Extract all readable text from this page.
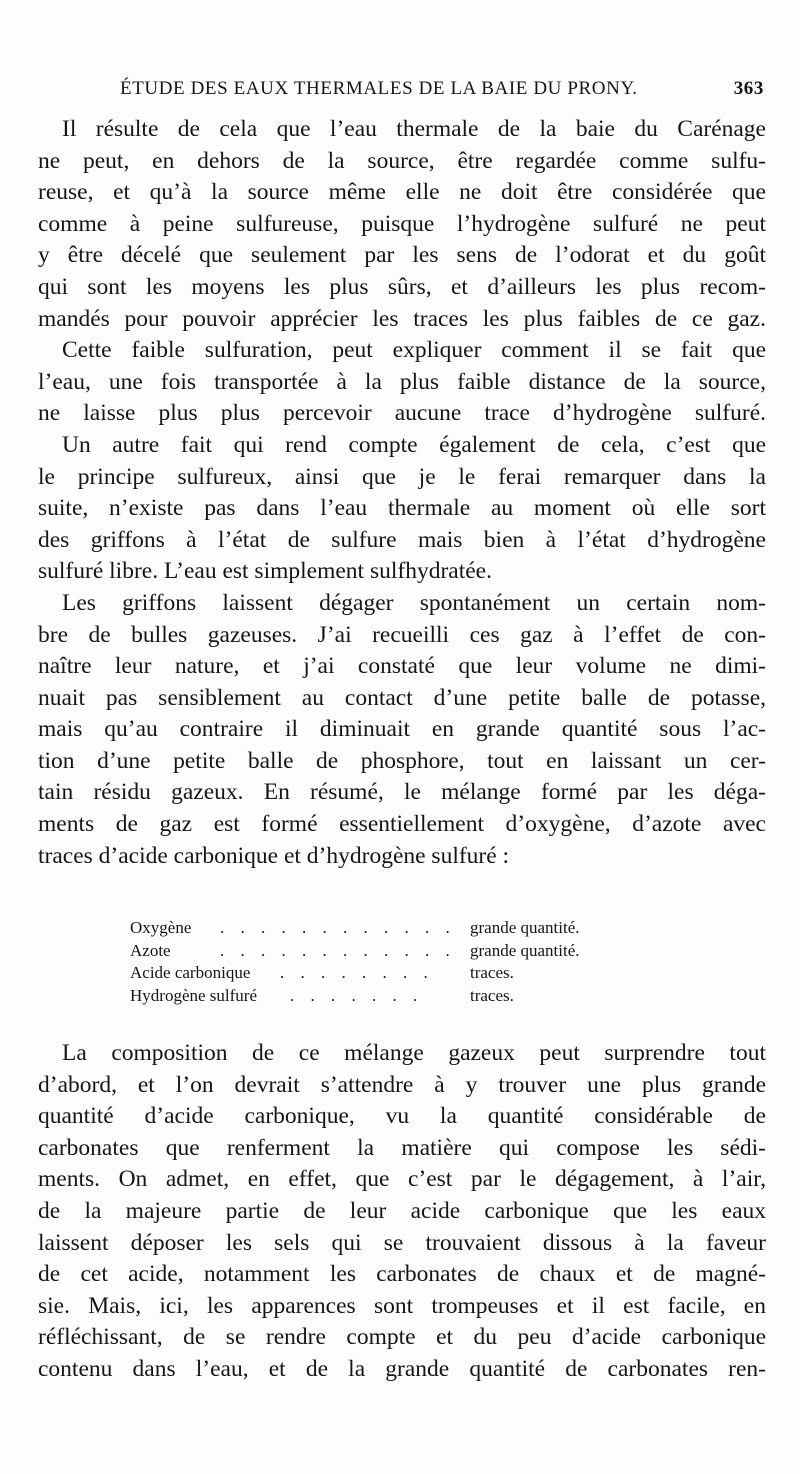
ÉTUDE DES EAUX THERMALES DE LA BAIE DU PRONY.	363
Il résulte de cela que l’eau thermale de la baie du Carénage
ne peut, en dehors de la source, être regardée comme sulfu-
reuse, et qu’à la source même elle ne doit être considérée que
comme à peine sulfureuse, puisque l’hydrogène sulfuré ne peut
y être décelé que seulement par les sens de l’odorat et du goût
qui sont les moyens les plus sûrs, et d’ailleurs les plus recom-
mandés pour pouvoir apprécier les traces les plus faibles de ce gaz.
Cette faible sulfuration, peut expliquer comment il se fait que
l’eau, une fois transportée à la plus faible distance de la source,
ne laisse plus plus percevoir aucune trace d’hydrogène sulfuré.
Un autre fait qui rend compte également de cela, c’est que
le principe sulfureux, ainsi que je le ferai remarquer dans la
suite, n’existe pas dans l’eau thermale au moment où elle sort
des griffons à l’état de sulfure mais bien à l’état d’hydrogène
sulfuré libre. L’eau est simplement sulfhydratée.
Les griffons laissent dégager spontanément un certain nom-
bre de bulles gazeuses. J’ai recueilli ces gaz à l’effet de con-
naître leur nature, et j’ai constaté que leur volume ne dimi-
nuait pas sensiblement au contact d’une petite balle de potasse,
mais qu’au contraire il diminuait en grande quantité sous l’ac-
tion d’une petite balle de phosphore, tout en laissant un cer-
tain résidu gazeux. En résumé, le mélange formé par les déga-
ments de gaz est formé essentiellement d’oxygène, d’azote avec
traces d’acide carbonique et d’hydrogène sulfuré :
Oxygène . . . . . . . . . . . . grande quantité.
Azote	. . . . . . . . . . . . grande quantité.
Acide carbonique . . . . . . . .	traces.
Hydrogène sulfuré . . . . . . .	traces.
La composition de ce mélange gazeux peut surprendre tout
d’abord, et l’on devrait s’attendre à y trouver une plus grande
quantité d’acide carbonique, vu la quantité considérable de
carbonates que renferment la matière qui compose les sédi-
ments. On admet, en effet, que c’est par le dégagement, à l’air,
de la majeure partie de leur acide carbonique que les eaux
laissent déposer les sels qui se trouvaient dissous à la faveur
de cet acide, notamment les carbonates de chaux et de magné-
sie. Mais, ici, les apparences sont trompeuses et il est facile, en
réfléchissant, de se rendre compte et du peu d’acide carbonique
contenu dans l’eau, et de la grande quantité de carbonates ren-
